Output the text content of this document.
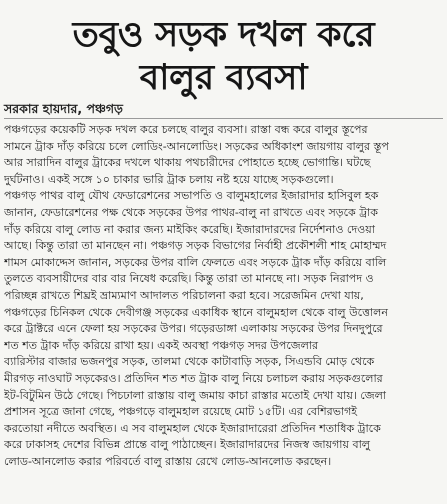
তবুও সড়ক দখল করে
বালুর ব্যবসা
সরকার হায়দার, পঞ্চগড়
পঞ্চগড়ের কয়েকটি সড়ক দখল করে চলছে বালুর ব্যবসা। রাস্তা বন্ধ করে বালুর স্তূপের
সামনে ট্রাক দাঁড় করিয়ে চলে লোডিং-আনলোডিং। সড়কের অধিকাংশ জায়গায় বালুর স্তূপ
আর সারাদিন বালুর ট্রাকের দখলে থাকায় পথচারীদের পোহাতে হচ্ছে ভোগান্তি। ঘটছে
দুর্ঘটনাও। একই সঙ্গে ১০ চাকার ভারি ট্রাক চলায় নষ্ট হয়ে যাচ্ছে সড়কগুলো।
পঞ্চগড় পাথর বালু যৌথ ফেডারেশনের সভাপতি ও বালুমহালের ইজারাদার হাসিবুল হক
জানান, ফেডারেশনের পক্ষ থেকে সড়কের উপর পাথর-বালু না রাখতে এবং সড়কে ট্রাক
দাঁড় করিয়ে বালু লোড না করার জন্য মাইকিং করেছি। ইজারাদারদের নির্দেশনাও দেওয়া
আছে। কিন্তু তারা তা মানছেন না। পঞ্চগড় সড়ক বিভাগের নির্বাহী প্রকৌশলী শাহ মোহাম্মদ
শামস মোকাদ্দেস জানান, সড়কের উপর বালি ফেলতে এবং সড়কে ট্রাক দাঁড় করিয়ে বালি
তুলতে ব্যবসায়ীদের বার বার নিষেধ করেছি। কিন্তু তারা তা মানছে না। সড়ক নিরাপদ ও
পরিচ্ছন্ন রাখতে শিঘ্রই ভ্রাম্যমাণ আদালত পরিচালনা করা হবে। সরেজমিন দেখা যায়,
পঞ্চগড়ের চিনিকল থেকে দেবীগঞ্জ সড়কের একাধিক স্থানে বালুমহাল থেকে বালু উত্তোলন
করে ট্রাক্টরে এনে ফেলা হয় সড়কের উপর। গড়েরডাঙ্গা এলাকায় সড়কের উপর দিনদুপুরে
শত শত ট্রাক দাঁড় করিয়ে রাখা হয়। একই অবস্থা পঞ্চগড় সদর উপজেলার
ব্যারিস্টার বাজার ভজনপুর সড়ক, তালমা থেকে কাটাবাড়ি সড়ক, সিএন্ডবি মোড় থেকে
মীরগড় নাওঘাট সড়কেরও। প্রতিদিন শত শত ট্রাক বালু নিয়ে চলাচল করায় সড়কগুলোর
ইট-বিটুমিন উঠে গেছে। পিচঢালা রাস্তায় বালু জমায় কাচা রাস্তার মতোই দেখা যায়। জেলা
প্রশাসন সূত্রে জানা গেছে, পঞ্চগড়ে বালুমহাল রয়েছে মোট ১৫টি। এর বেশিরভাগই
করতোয়া নদীতে অবস্থিত। এ সব বালুমহাল থেকে ইজারাদারেরা প্রতিদিন শতাধিক ট্রাকে
করে ঢাকাসহ দেশের বিভিন্ন প্রান্তে বালু পাঠাচ্ছেন। ইজারাদারদের নিজস্ব জায়গায় বালু
লোড-আনলোড করার পরিবর্তে বালু রাস্তায় রেখে লোড-আনলোড করছেন।
